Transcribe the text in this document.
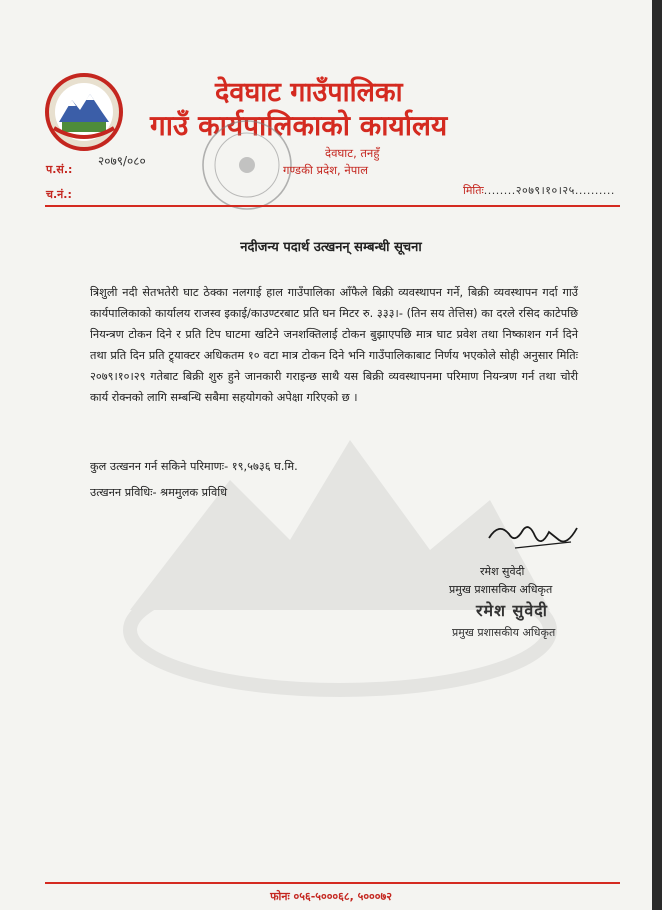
देवघाट गाउँपालिका
गाउँ कार्यपालिकाको कार्यालय
देवघाट, तनहुँ
गण्डकी प्रदेश, नेपाल
प.सं.:
२०७९/०८०
च.नं.:	मितिः........२०७९।१०।२५..........
नदीजन्य पदार्थ उत्खनन् सम्बन्धी सूचना
त्रिशुली नदी सेतभतेरी घाट ठेक्का नलगाई हाल गाउँपालिका आँफैले बिक्री व्यवस्थापन गर्ने, बिक्री व्यवस्थापन गर्दा गाउँ कार्यपालिकाको कार्यालय राजस्व इकाई/काउण्टरबाट प्रति घन मिटर रु. ३३३।- (तिन सय तेत्तिस) का दरले रसिद काटेपछि नियन्त्रण टोकन दिने र प्रति टिप घाटमा खटिने जनशक्तिलाई टोकन बुझाएपछि मात्र घाट प्रवेश तथा निष्काशन गर्न दिने तथा प्रति दिन प्रति ट्र्याक्टर अधिकतम १० वटा मात्र टोकन दिने भनि गाउँपालिकाबाट निर्णय भएकोले सोही अनुसार मितिः २०७९।१०।२९ गतेबाट बिक्री शुरु हुने जानकारी गराइन्छ साथै यस बिक्री व्यवस्थापनमा परिमाण नियन्त्रण गर्न तथा चोरी कार्य रोक्नको लागि सम्बन्धि सबैमा सहयोगको अपेक्षा गरिएको छ ।
कुल उत्खनन गर्न सकिने परिमाणः- १९,५७३६ घ.मि.
उत्खनन प्रविधिः- श्रममुलक प्रविधि
रमेश सुवेदी
प्रमुख प्रशासकिय अधिकृत
रमेश सुवेदी
प्रमुख प्रशासकीय अधिकृत
फोनः ०५६-५०००६८, ५०००७२
